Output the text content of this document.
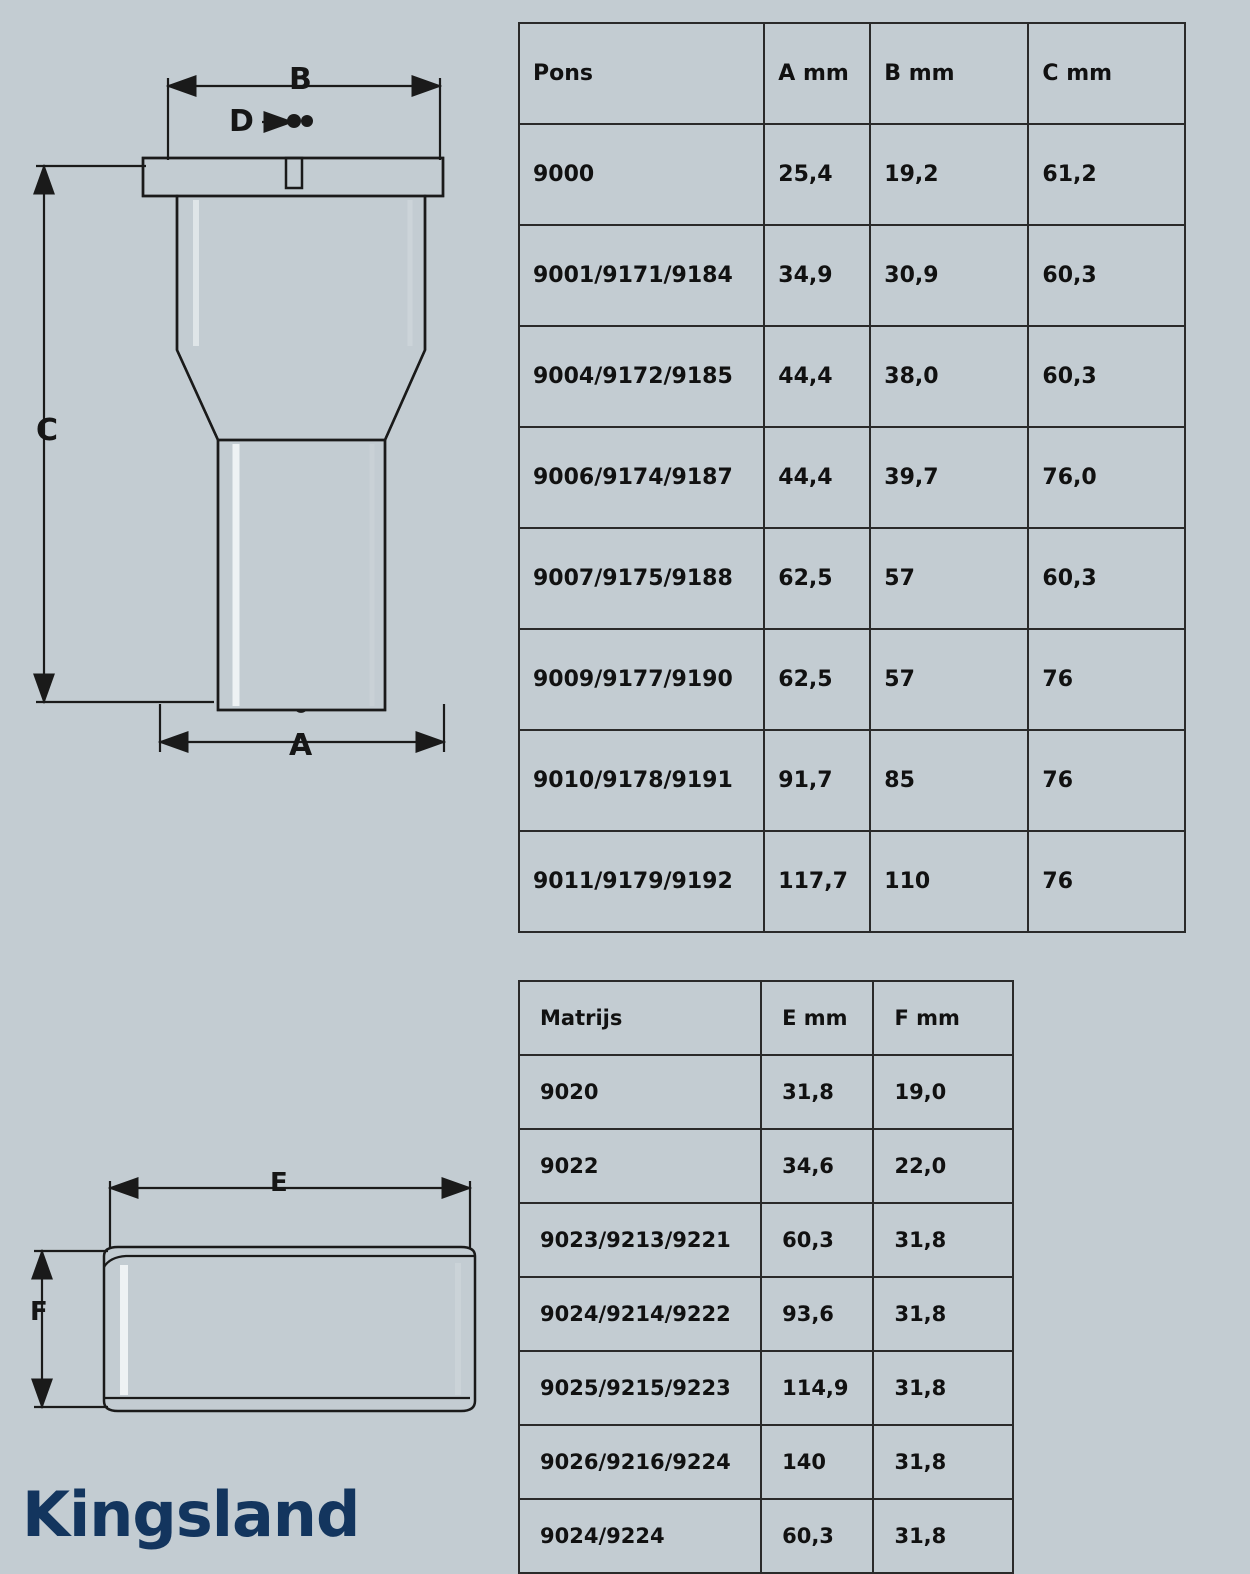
B
D
C
A
E
F
Kingsland
Pons	A mm	B mm	C mm
9000	25,4	19,2	61,2
9001/9171/9184	34,9	30,9	60,3
9004/9172/9185	44,4	38,0	60,3
9006/9174/9187	44,4	39,7	76,0
9007/9175/9188	62,5	57	60,3
9009/9177/9190	62,5	57	76
9010/9178/9191	91,7	85	76
9011/9179/9192	117,7	110	76
Matrijs	E mm	F mm
9020	31,8	19,0
9022	34,6	22,0
9023/9213/9221	60,3	31,8
9024/9214/9222	93,6	31,8
9025/9215/9223	114,9	31,8
9026/9216/9224	140	31,8
9024/9224	60,3	31,8
